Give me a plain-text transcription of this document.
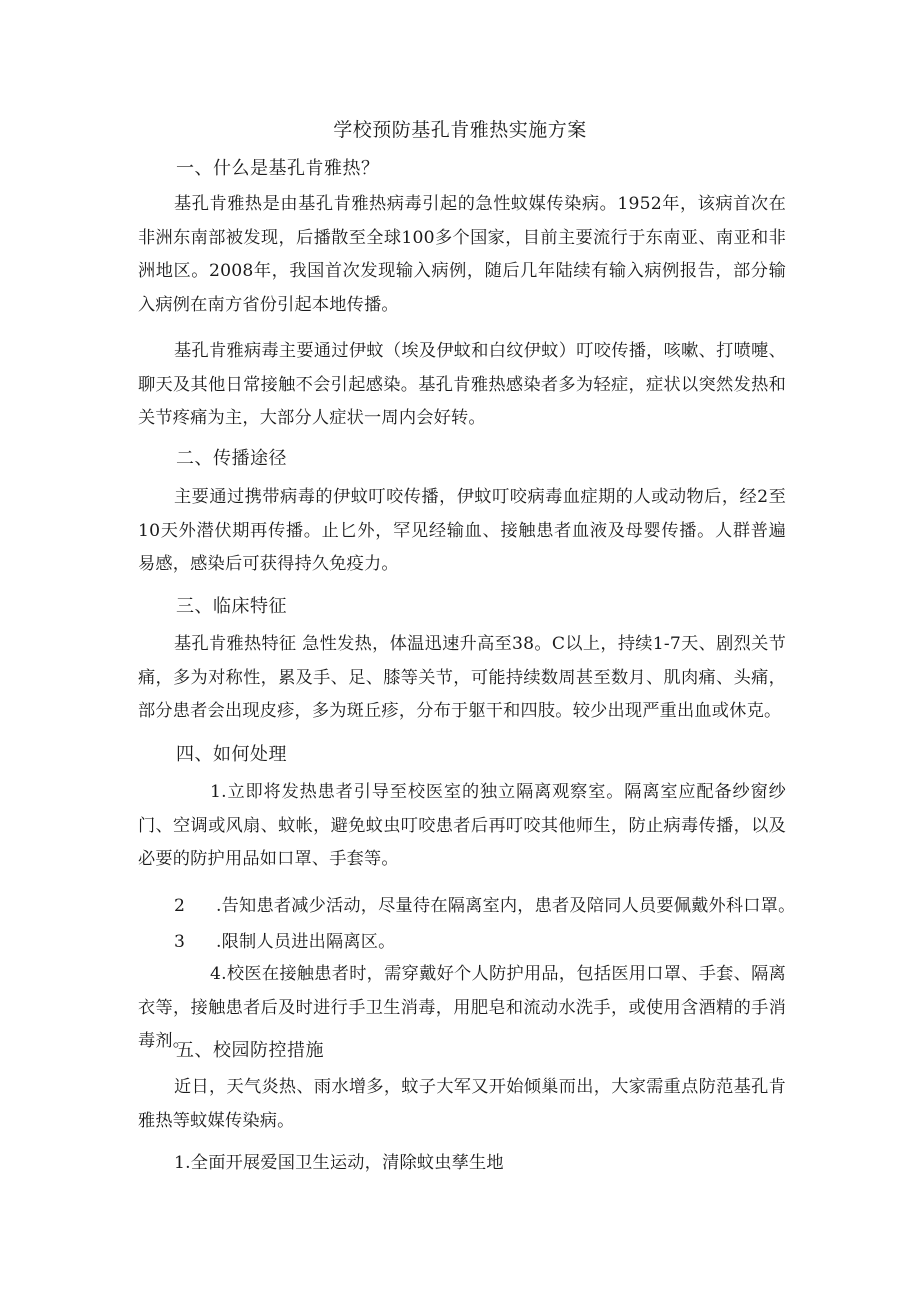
学校预防基孔肯雅热实施方案
一、什么是基孔肯雅热？

基孔肯雅热是由基孔肯雅热病毒引起的急性蚊媒传染病。1952年，该病首次在非洲东南部被发现，后播散至全球100多个国家，目前主要流行于东南亚、南亚和非洲地区。2008年，我国首次发现输入病例，随后几年陆续有输入病例报告，部分输入病例在南方省份引起本地传播。

基孔肯雅病毒主要通过伊蚊（埃及伊蚊和白纹伊蚊）叮咬传播，咳嗽、打喷嚏、聊天及其他日常接触不会引起感染。基孔肯雅热感染者多为轻症，症状以突然发热和关节疼痛为主，大部分人症状一周内会好转。

二、传播途径

主要通过携带病毒的伊蚊叮咬传播，伊蚊叮咬病毒血症期的人或动物后，经2至10天外潜伏期再传播。止匕外，罕见经输血、接触患者血液及母婴传播。人群普遍易感，感染后可获得持久免疫力。

三、临床特征

基孔肯雅热特征 急性发热，体温迅速升高至38。C以上，持续1-7天、剧烈关节痛，多为对称性，累及手、足、膝等关节，可能持续数周甚至数月、肌肉痛、头痛，部分患者会出现皮疹，多为斑丘疹，分布于躯干和四肢。较少出现严重出血或休克。

四、如何处理

1.立即将发热患者引导至校医室的独立隔离观察室。隔离室应配备纱窗纱门、空调或风扇、蚊帐，避免蚊虫叮咬患者后再叮咬其他师生，防止病毒传播，以及必要的防护用品如口罩、手套等。

2 .告知患者减少活动，尽量待在隔离室内，患者及陪同人员要佩戴外科口罩。

3 .限制人员进出隔离区。

4.校医在接触患者时，需穿戴好个人防护用品，包括医用口罩、手套、隔离衣等，接触患者后及时进行手卫生消毒，用肥皂和流动水洗手，或使用含酒精的手消毒剂。

五、校园防控措施

近日，天气炎热、雨水增多，蚊子大军又开始倾巢而出，大家需重点防范基孔肯雅热等蚊媒传染病。

1.全面开展爱国卫生运动，清除蚊虫孳生地
